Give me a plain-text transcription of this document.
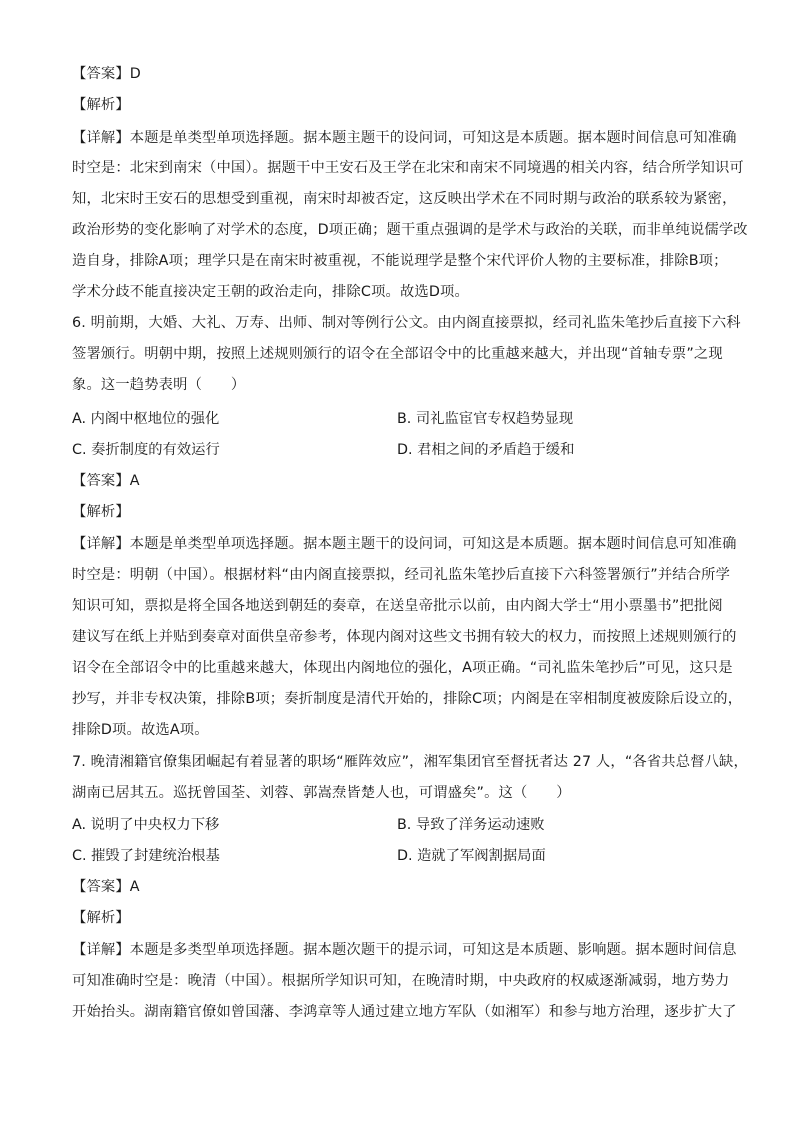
【答案】D
【解析】
【详解】本题是单类型单项选择题。据本题主题干的设问词，可知这是本质题。据本题时间信息可知准确
时空是：北宋到南宋（中国）。据题干中王安石及王学在北宋和南宋不同境遇的相关内容，结合所学知识可
知，北宋时王安石的思想受到重视，南宋时却被否定，这反映出学术在不同时期与政治的联系较为紧密，
政治形势的变化影响了对学术的态度，D项正确；题干重点强调的是学术与政治的关联，而非单纯说儒学改
造自身，排除A项；理学只是在南宋时被重视，不能说理学是整个宋代评价人物的主要标准，排除B项；
学术分歧不能直接决定王朝的政治走向，排除C项。故选D项。
6. 明前期，大婚、大礼、万寿、出师、制对等例行公文。由内阁直接票拟，经司礼监朱笔抄后直接下六科
签署颁行。明朝中期，按照上述规则颁行的诏令在全部诏令中的比重越来越大，并出现“首轴专票”之现
象。这一趋势表明（　　）
A. 内阁中枢地位的强化	B. 司礼监宦官专权趋势显现
C. 奏折制度的有效运行	D. 君相之间的矛盾趋于缓和
【答案】A
【解析】
【详解】本题是单类型单项选择题。据本题主题干的设问词，可知这是本质题。据本题时间信息可知准确
时空是：明朝（中国）。根据材料“由内阁直接票拟，经司礼监朱笔抄后直接下六科签署颁行”并结合所学
知识可知，票拟是将全国各地送到朝廷的奏章，在送皇帝批示以前，由内阁大学士“用小票墨书”把批阅
建议写在纸上并贴到奏章对面供皇帝参考，体现内阁对这些文书拥有较大的权力，而按照上述规则颁行的
诏令在全部诏令中的比重越来越大，体现出内阁地位的强化，A项正确。“司礼监朱笔抄后”可见，这只是
抄写，并非专权决策，排除B项；奏折制度是清代开始的，排除C项；内阁是在宰相制度被废除后设立的，
排除D项。故选A项。
7. 晚清湘籍官僚集团崛起有着显著的职场“雁阵效应”，湘军集团官至督抚者达 27 人，“各省共总督八缺，
湖南已居其五。巡抚曾国荃、刘蓉、郭嵩焘皆楚人也，可谓盛矣”。这（　　）
A. 说明了中央权力下移	B. 导致了洋务运动速败
C. 摧毁了封建统治根基	D. 造就了军阀割据局面
【答案】A
【解析】
【详解】本题是多类型单项选择题。据本题次题干的提示词，可知这是本质题、影响题。据本题时间信息
可知准确时空是：晚清（中国）。根据所学知识可知，在晚清时期，中央政府的权威逐渐减弱，地方势力
开始抬头。湖南籍官僚如曾国藩、李鸿章等人通过建立地方军队（如湘军）和参与地方治理，逐步扩大了
